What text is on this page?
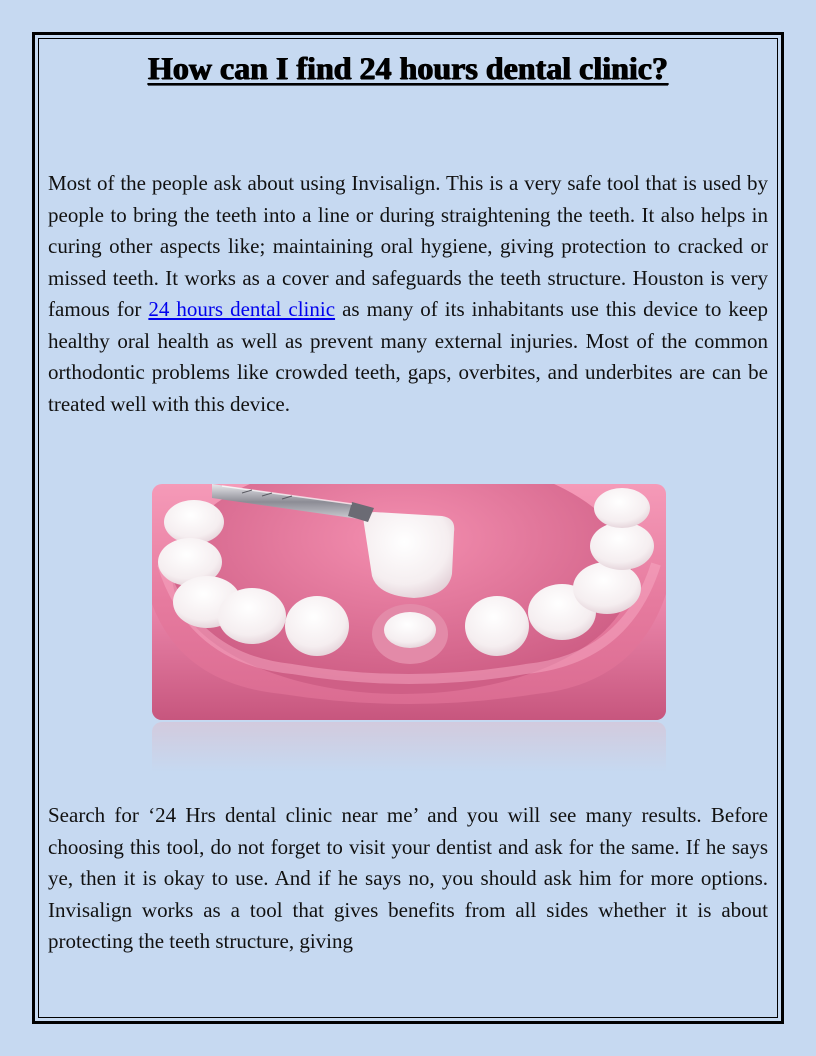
How can I find 24 hours dental clinic?

Most of the people ask about using Invisalign. This is a very safe tool that is used by people to bring the teeth into a line or during straightening the teeth. It also helps in curing other aspects like; maintaining oral hygiene, giving protection to cracked or missed teeth. It works as a cover and safeguards the teeth structure. Houston is very famous for 24 hours dental clinic as many of its inhabitants use this device to keep healthy oral health as well as prevent many external injuries. Most of the common orthodontic problems like crowded teeth, gaps, overbites, and underbites are can be treated well with this device.

Search for ‘24 Hrs dental clinic near me’ and you will see many results. Before choosing this tool, do not forget to visit your dentist and ask for the same. If he says ye, then it is okay to use. And if he says no, you should ask him for more options. Invisalign works as a tool that gives benefits from all sides whether it is about protecting the teeth structure, giving
